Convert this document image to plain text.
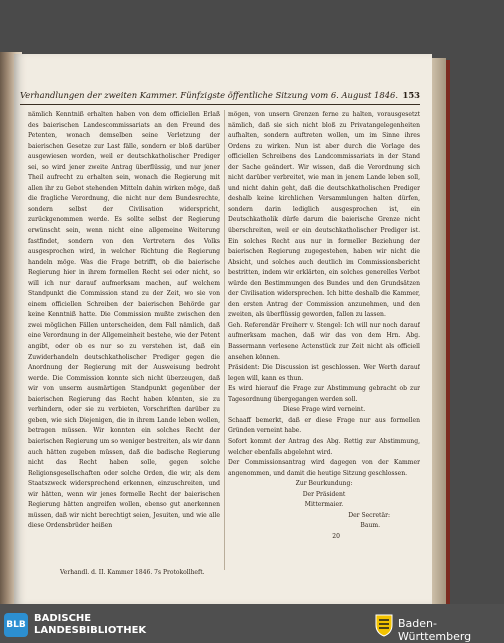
Verhandlungen der zweiten Kammer. Fünfzigste öffentliche Sitzung vom 6. August 1846. 153

nämlich Kenntniß erhalten haben von dem officiellen Erlaß des baierischen Landescommissariats an den Freund des Petenten, wonach demselben seine Verletzung der baierischen Gesetze zur Last fälle, sondern er bloß darüber ausgewiesen worden, weil er deutschkatholischer Prediger sei, so wird jener zweite Antrag überflüssig, und nur jener Theil aufrecht zu erhalten sein, wonach die Regierung mit allen ihr zu Gebot stehenden Mitteln dahin wirken möge, daß die fragliche Verordnung, die nicht nur dem Bundesrechte, sondern selbst der Civilisation widerspricht, zurückgenommen werde. Es sollte selbst der Regierung erwünscht sein, wenn nicht eine allgemeine Weiterung fastfindet, sondern von den Vertretern des Volks ausgesprochen wird, in welcher Richtung die Regierung handeln möge. Was die Frage betrifft, ob die baierische Regierung hier in ihrem formellen Recht sei oder nicht, so will ich nur darauf aufmerksam machen, auf welchem Standpunkt die Commission stand zu der Zeit, wo sie von einem officiellen Schreiben der baierischen Behörde gar keine Kenntniß hatte. Die Commission mußte zwischen den zwei möglichen Fällen unterscheiden, dem Fall nämlich, daß eine Verordnung in der Allgemeinheit bestehe, wie der Petent angibt, oder ob es nur so zu verstehen ist, daß ein Zuwiderhandeln deutschkatholischer Prediger gegen die Anordnung der Regierung mit der Ausweisung bedroht werde. Die Commission konnte sich nicht überzeugen, daß wir von unserm ausmärtigen Standpunkt gegenüber der baierischen Regierung das Recht haben könnten, sie zu verhindern, oder sie zu verbieten, Vorschriften darüber zu geben, wie sich Diejenigen, die in ihrem Lande leben wollen, betragen müssen. Wir konnten ein solches Recht der baierischen Regierung um so weniger bestreiten, als wir dann auch hätten zugeben müssen, daß die badische Regierung nicht das Recht haben solle, gegen solche Religionsgesellschaften oder solche Orden, die wir, als dem Staatszweck widersprechend erkennen, einzuschreiten, und wir hätten, wenn wir jenes formelle Recht der baierischen Regierung hätten angreifen wollen, ebenso gut anerkennen müssen, daß wir nicht berechtigt seien, Jesuiten, und wie alle diese Ordensbrüder heißen

mögen, von unsern Grenzen ferne zu halten, vorausgesetzt nämlich, daß sie sich nicht bloß zu Privatangelegenheiten aufhalten, sondern auftreten wollen, um im Sinne ihres Ordens zu wirken. Nun ist aber durch die Vorlage des officiellen Schreibens des Landcommissariats in der Stand der Sache geändert. Wir wissen, daß die Verordnung sich nicht darüber verbreitet, wie man in jenem Lande leben soll, und nicht dahin geht, daß die deutschkatholischen Prediger deshalb keine kirchlichen Versammlungen halten dürfen, sondern darin lediglich ausgesprochen ist, ein Deutschkatholik dürfe darum die baierische Grenze nicht überschreiten, weil er ein deutschkatholischer Prediger ist. Ein solches Recht aus nur in formeller Beziehung der baierischen Regierung zugegestehen, haben wir nicht die Absicht, und solches auch deutlich im Commissionsbericht bestritten, indem wir erklärten, ein solches generelles Verbot würde den Bestimmungen des Bundes und den Grundsätzen der Civilisation widersprechen. Ich bitte deshalb die Kammer, den ersten Antrag der Commission anzunehmen, und den zweiten, als überflüssig geworden, fallen zu lassen.

Geh. Referendär Freiherr v. Stengel: Ich will nur noch darauf aufmerksam machen, daß wir das von dem Hrn. Abg. Bassermann verlesene Actenstück zur Zeit nicht als officiell ansehen können.

Präsident: Die Discussion ist geschlossen. Wer Werth darauf legen will, kann es thun.

Es wird hierauf die Frage zur Abstimmung gebracht ob zur Tagesordnung übergegangen werden soll.

Diese Frage wird verneint.

Schaaff bemerkt, daß er diese Frage nur aus formellen Gründen verneint habe.

Sofort kommt der Antrag des Abg. Rettig zur Abstimmung, welcher ebenfalls abgelehnt wird.

Der Commissionsantrag wird dagegen von der Kammer angenommen, und damit die heutige Sitzung geschlossen.

Zur Beurkundung:

Der Präsident

Mittermaier.

Der Secretär:

Baum.

20

Verhandl. d. II. Kammer 1846. 7s Protokollheft.
BLB
BADISCHE
LANDESBIBLIOTHEK
Baden-Württemberg
